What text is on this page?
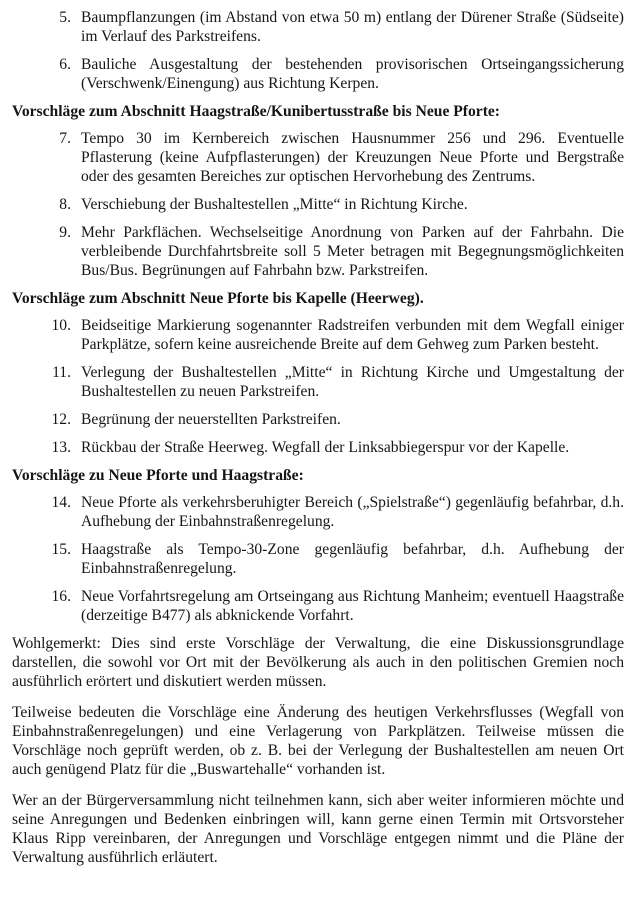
5. Baumpflanzungen (im Abstand von etwa 50 m) entlang der Dürener Straße (Südseite) im Verlauf des Parkstreifens.
6. Bauliche Ausgestaltung der bestehenden provisorischen Ortseingangssicherung (Verschwenk/Einengung) aus Richtung Kerpen.
Vorschläge zum Abschnitt Haagstraße/Kunibertusstraße bis Neue Pforte:
7. Tempo 30 im Kernbereich zwischen Hausnummer 256 und 296. Eventuelle Pflasterung (keine Aufpflasterungen) der Kreuzungen Neue Pforte und Bergstraße oder des gesamten Bereiches zur optischen Hervorhebung des Zentrums.
8. Verschiebung der Bushaltestellen „Mitte“ in Richtung Kirche.
9. Mehr Parkflächen. Wechselseitige Anordnung von Parken auf der Fahrbahn. Die verbleibende Durchfahrtsbreite soll 5 Meter betragen mit Begegnungsmöglichkeiten Bus/Bus. Begrünungen auf Fahrbahn bzw. Parkstreifen.
Vorschläge zum Abschnitt Neue Pforte bis Kapelle (Heerweg).
10. Beidseitige Markierung sogenannter Radstreifen verbunden mit dem Wegfall einiger Parkplätze, sofern keine ausreichende Breite auf dem Gehweg zum Parken besteht.
11. Verlegung der Bushaltestellen „Mitte“ in Richtung Kirche und Umgestaltung der Bushaltestellen zu neuen Parkstreifen.
12. Begrünung der neuerstellten Parkstreifen.
13. Rückbau der Straße Heerweg. Wegfall der Linksabbiegerspur vor der Kapelle.
Vorschläge zu Neue Pforte und Haagstraße:
14. Neue Pforte als verkehrsberuhigter Bereich („Spielstraße“) gegenläufig befahrbar, d.h. Aufhebung der Einbahnstraßenregelung.
15. Haagstraße als Tempo-30-Zone gegenläufig befahrbar, d.h. Aufhebung der Einbahnstraßenregelung.
16. Neue Vorfahrtsregelung am Ortseingang aus Richtung Manheim; eventuell Haagstraße (derzeitige B477) als abknickende Vorfahrt.
Wohlgemerkt: Dies sind erste Vorschläge der Verwaltung, die eine Diskussionsgrundlage darstellen, die sowohl vor Ort mit der Bevölkerung als auch in den politischen Gremien noch ausführlich erörtert und diskutiert werden müssen.
Teilweise bedeuten die Vorschläge eine Änderung des heutigen Verkehrsflusses (Wegfall von Einbahnstraßenregelungen) und eine Verlagerung von Parkplätzen. Teilweise müssen die Vorschläge noch geprüft werden, ob z. B. bei der Verlegung der Bushaltestellen am neuen Ort auch genügend Platz für die „Buswartehalle“ vorhanden ist.
Wer an der Bürgerversammlung nicht teilnehmen kann, sich aber weiter informieren möchte und seine Anregungen und Bedenken einbringen will, kann gerne einen Termin mit Ortsvorsteher Klaus Ripp vereinbaren, der Anregungen und Vorschläge entgegen nimmt und die Pläne der Verwaltung ausführlich erläutert.
